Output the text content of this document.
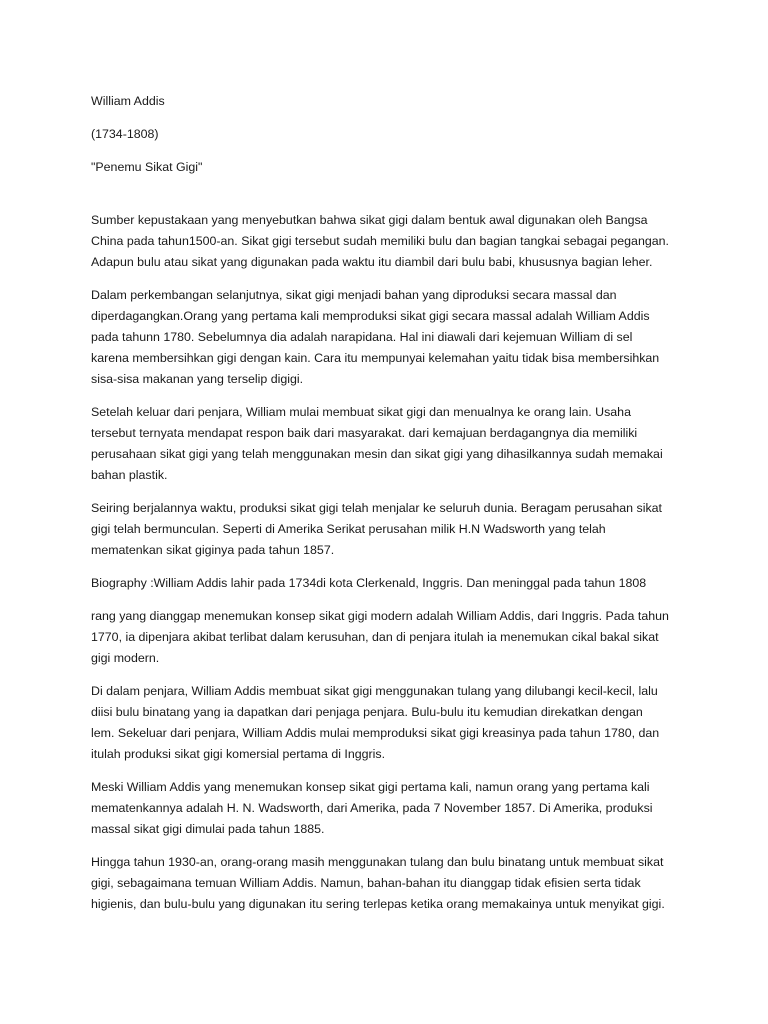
William Addis
(1734-1808)
"Penemu Sikat Gigi"
Sumber kepustakaan yang menyebutkan bahwa sikat gigi dalam bentuk awal digunakan oleh Bangsa
China pada tahun1500-an. Sikat gigi tersebut sudah memiliki bulu dan bagian tangkai sebagai pegangan.
Adapun bulu atau sikat yang digunakan pada waktu itu diambil dari bulu babi, khususnya bagian leher.
Dalam perkembangan selanjutnya, sikat gigi menjadi bahan yang diproduksi secara massal dan
diperdagangkan.Orang yang pertama kali memproduksi sikat gigi secara massal adalah William Addis
pada tahunn 1780. Sebelumnya dia adalah narapidana. Hal ini diawali dari kejemuan William di sel
karena membersihkan gigi dengan kain. Cara itu mempunyai kelemahan yaitu tidak bisa membersihkan
sisa-sisa makanan yang terselip digigi.
Setelah keluar dari penjara, William mulai membuat sikat gigi dan menualnya ke orang lain. Usaha
tersebut ternyata mendapat respon baik dari masyarakat. dari kemajuan berdagangnya dia memiliki
perusahaan sikat gigi yang telah menggunakan mesin dan sikat gigi yang dihasilkannya sudah memakai
bahan plastik.
Seiring berjalannya waktu, produksi sikat gigi telah menjalar ke seluruh dunia. Beragam perusahan sikat
gigi telah bermunculan. Seperti di Amerika Serikat perusahan milik H.N Wadsworth yang telah
mematenkan sikat giginya pada tahun 1857.
Biography :William Addis lahir pada 1734di kota Clerkenald, Inggris. Dan meninggal pada tahun 1808
rang yang dianggap menemukan konsep sikat gigi modern adalah William Addis, dari Inggris. Pada tahun
1770, ia dipenjara akibat terlibat dalam kerusuhan, dan di penjara itulah ia menemukan cikal bakal sikat
gigi modern.
Di dalam penjara, William Addis membuat sikat gigi menggunakan tulang yang dilubangi kecil-kecil, lalu
diisi bulu binatang yang ia dapatkan dari penjaga penjara. Bulu-bulu itu kemudian direkatkan dengan
lem. Sekeluar dari penjara, William Addis mulai memproduksi sikat gigi kreasinya pada tahun 1780, dan
itulah produksi sikat gigi komersial pertama di Inggris.
Meski William Addis yang menemukan konsep sikat gigi pertama kali, namun orang yang pertama kali
mematenkannya adalah H. N. Wadsworth, dari Amerika, pada 7 November 1857. Di Amerika, produksi
massal sikat gigi dimulai pada tahun 1885.
Hingga tahun 1930-an, orang-orang masih menggunakan tulang dan bulu binatang untuk membuat sikat
gigi, sebagaimana temuan William Addis. Namun, bahan-bahan itu dianggap tidak efisien serta tidak
higienis, dan bulu-bulu yang digunakan itu sering terlepas ketika orang memakainya untuk menyikat gigi.
